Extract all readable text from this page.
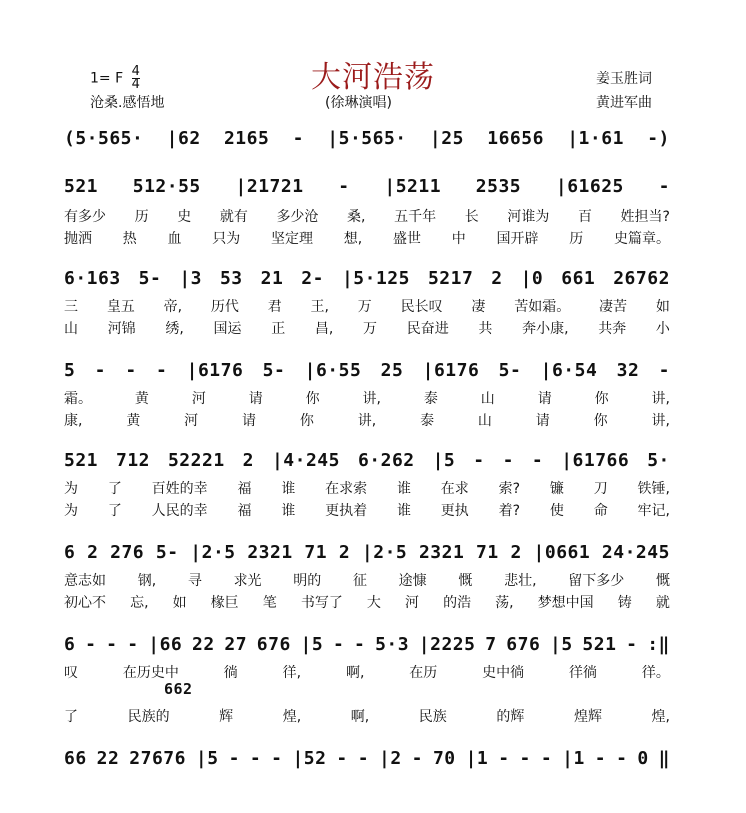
大河浩荡
1= F $\frac{4}{4}$
沧桑.感悟地	(徐琳演唱)
姜玉胜词
黄进军曲
(5·565· |62 2165 - |5·565· |25 16656 |1·61 -)
521 512·55 |21721 - |5211 2535 |61625 -
有多少 历 史 就有 多少沧 桑, 五千年 长 河谁为 百 姓担当?
抛洒 热 血 只为 坚定理 想, 盛世 中 国开辟 历 史篇章。
6·163 5- |3 53 21 2- |5·125 5217 2 |0 661 26762
三 皇五 帝, 历代 君 王, 万 民长叹 凄 苦如霜。 凄苦 如
山 河锦 绣, 国运 正 昌, 万 民奋进 共 奔小康, 共奔 小
5 - - - |6176 5- |6·55 25 |6176 5- |6·54 32 -
霜。	黄	河	请	你	讲,	泰	山	请	你	讲,
康,	黄	河	请	你	讲,	泰	山	请	你	讲,
521 712 52221 2 |4·245 6·262 |5 - - - |61766 5·
为 了 百姓的幸 福 谁 在求索 谁 在求 索? 镰 刀 铁锤,
为 了 人民的幸 福 谁 更执着 谁 更执 着? 使 命 牢记,
6 2 276 5- |2·5 2321 71 2 |2·5 2321 71 2 |0661 24·245
意志如 钢, 寻 求光 明的 征 途慷 慨 悲壮, 留下多少 慨
初心不 忘, 如 椽巨 笔 书写了 大 河 的浩 荡, 梦想中国 铸 就
6 - - - |66 22 27 676 |5 - - 5·3 |2225 7 676 |5 521 - :‖
叹	在历史中	徜	徉,	啊,	在历	史中徜	徉徜	徉。
662
了	民族的	辉	煌,	啊,	民族	的辉	煌辉	煌,
66 22 27676 |5 - - - |52 - - |2 - 70 |1 - - - |1 - - 0 ‖
